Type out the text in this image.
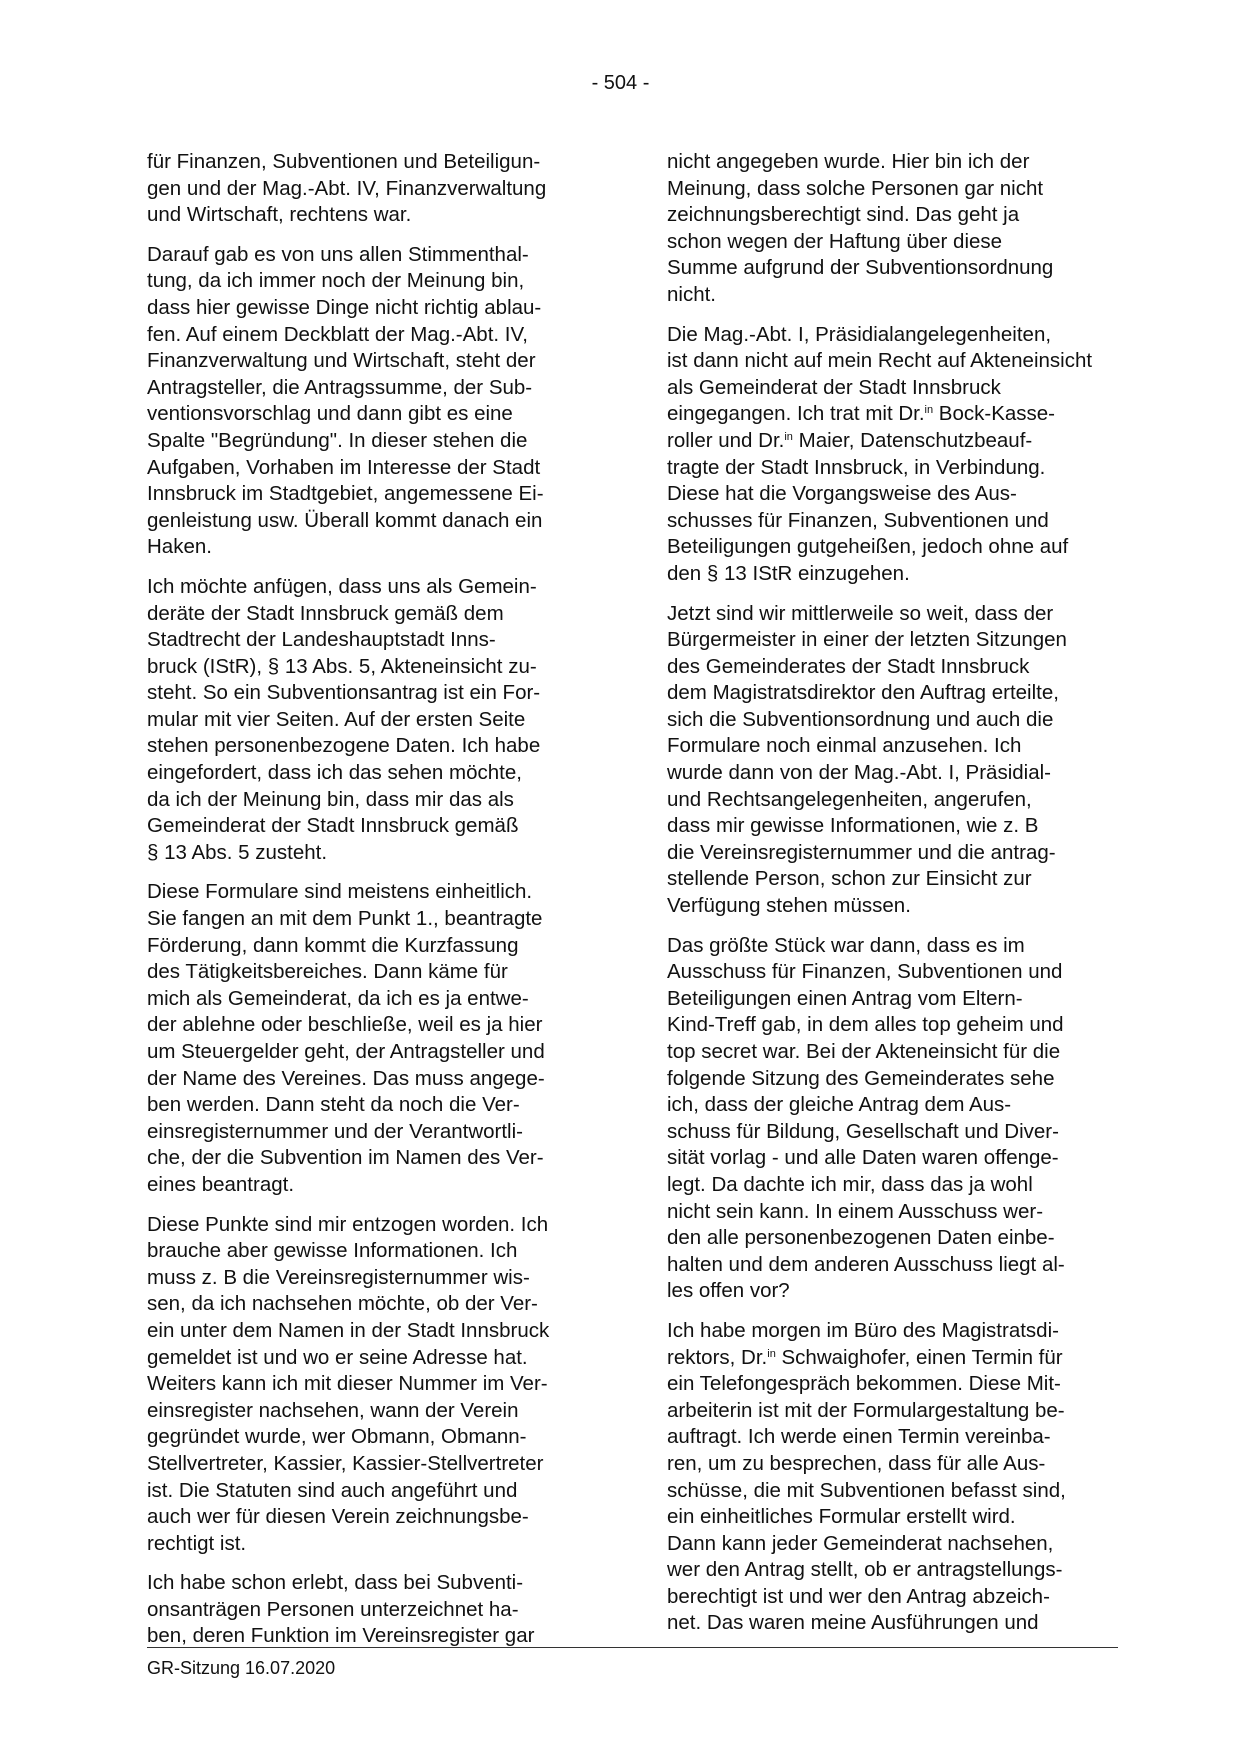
- 504 -

für Finanzen, Subventionen und Beteiligun-
gen und der Mag.-Abt. IV, Finanzverwaltung
und Wirtschaft, rechtens war.

Darauf gab es von uns allen Stimmenthal-
tung, da ich immer noch der Meinung bin,
dass hier gewisse Dinge nicht richtig ablau-
fen. Auf einem Deckblatt der Mag.-Abt. IV,
Finanzverwaltung und Wirtschaft, steht der
Antragsteller, die Antragssumme, der Sub-
ventionsvorschlag und dann gibt es eine
Spalte "Begründung". In dieser stehen die
Aufgaben, Vorhaben im Interesse der Stadt
Innsbruck im Stadtgebiet, angemessene Ei-
genleistung usw. Überall kommt danach ein
Haken.

Ich möchte anfügen, dass uns als Gemein-
deräte der Stadt Innsbruck gemäß dem
Stadtrecht der Landeshauptstadt Inns-
bruck (IStR), § 13 Abs. 5, Akteneinsicht zu-
steht. So ein Subventionsantrag ist ein For-
mular mit vier Seiten. Auf der ersten Seite
stehen personenbezogene Daten. Ich habe
eingefordert, dass ich das sehen möchte,
da ich der Meinung bin, dass mir das als
Gemeinderat der Stadt Innsbruck gemäß
§ 13 Abs. 5 zusteht.

Diese Formulare sind meistens einheitlich.
Sie fangen an mit dem Punkt 1., beantragte
Förderung, dann kommt die Kurzfassung
des Tätigkeitsbereiches. Dann käme für
mich als Gemeinderat, da ich es ja entwe-
der ablehne oder beschließe, weil es ja hier
um Steuergelder geht, der Antragsteller und
der Name des Vereines. Das muss angege-
ben werden. Dann steht da noch die Ver-
einsregisternummer und der Verantwortli-
che, der die Subvention im Namen des Ver-
eines beantragt.

Diese Punkte sind mir entzogen worden. Ich
brauche aber gewisse Informationen. Ich
muss z. B die Vereinsregisternummer wis-
sen, da ich nachsehen möchte, ob der Ver-
ein unter dem Namen in der Stadt Innsbruck
gemeldet ist und wo er seine Adresse hat.
Weiters kann ich mit dieser Nummer im Ver-
einsregister nachsehen, wann der Verein
gegründet wurde, wer Obmann, Obmann-
Stellvertreter, Kassier, Kassier-Stellvertreter
ist. Die Statuten sind auch angeführt und
auch wer für diesen Verein zeichnungsbe-
rechtigt ist.

Ich habe schon erlebt, dass bei Subventi-
onsanträgen Personen unterzeichnet ha-
ben, deren Funktion im Vereinsregister gar

nicht angegeben wurde. Hier bin ich der
Meinung, dass solche Personen gar nicht
zeichnungsberechtigt sind. Das geht ja
schon wegen der Haftung über diese
Summe aufgrund der Subventionsordnung
nicht.

Die Mag.-Abt. I, Präsidialangelegenheiten,
ist dann nicht auf mein Recht auf Akteneinsicht als Gemeinderat der Stadt Innsbruck
eingegangen. Ich trat mit Dr.$^{in}$ Bock-Kasse-
roller und Dr.$^{in}$ Maier, Datenschutzbeauf-
tragte der Stadt Innsbruck, in Verbindung.
Diese hat die Vorgangsweise des Aus-
schusses für Finanzen, Subventionen und
Beteiligungen gutgeheißen, jedoch ohne auf
den § 13 IStR einzugehen.

Jetzt sind wir mittlerweile so weit, dass der
Bürgermeister in einer der letzten Sitzungen
des Gemeinderates der Stadt Innsbruck
dem Magistratsdirektor den Auftrag erteilte,
sich die Subventionsordnung und auch die
Formulare noch einmal anzusehen. Ich
wurde dann von der Mag.-Abt. I, Präsidial-
und Rechtsangelegenheiten, angerufen,
dass mir gewisse Informationen, wie z. B
die Vereinsregisternummer und die antrag-
stellende Person, schon zur Einsicht zur
Verfügung stehen müssen.

Das größte Stück war dann, dass es im
Ausschuss für Finanzen, Subventionen und
Beteiligungen einen Antrag vom Eltern-
Kind-Treff gab, in dem alles top geheim und
top secret war. Bei der Akteneinsicht für die
folgende Sitzung des Gemeinderates sehe
ich, dass der gleiche Antrag dem Aus-
schuss für Bildung, Gesellschaft und Diver-
sität vorlag - und alle Daten waren offenge-
legt. Da dachte ich mir, dass das ja wohl
nicht sein kann. In einem Ausschuss wer-
den alle personenbezogenen Daten einbe-
halten und dem anderen Ausschuss liegt al-
les offen vor?

Ich habe morgen im Büro des Magistratsdi-
rektors, Dr.$^{in}$ Schwaighofer, einen Termin für
ein Telefongespräch bekommen. Diese Mit-
arbeiterin ist mit der Formulargestaltung be-
auftragt. Ich werde einen Termin vereinba-
ren, um zu besprechen, dass für alle Aus-
schüsse, die mit Subventionen befasst sind,
ein einheitliches Formular erstellt wird.
Dann kann jeder Gemeinderat nachsehen,
wer den Antrag stellt, ob er antragstellungs-
berechtigt ist und wer den Antrag abzeich-
net. Das waren meine Ausführungen und

GR-Sitzung 16.07.2020
